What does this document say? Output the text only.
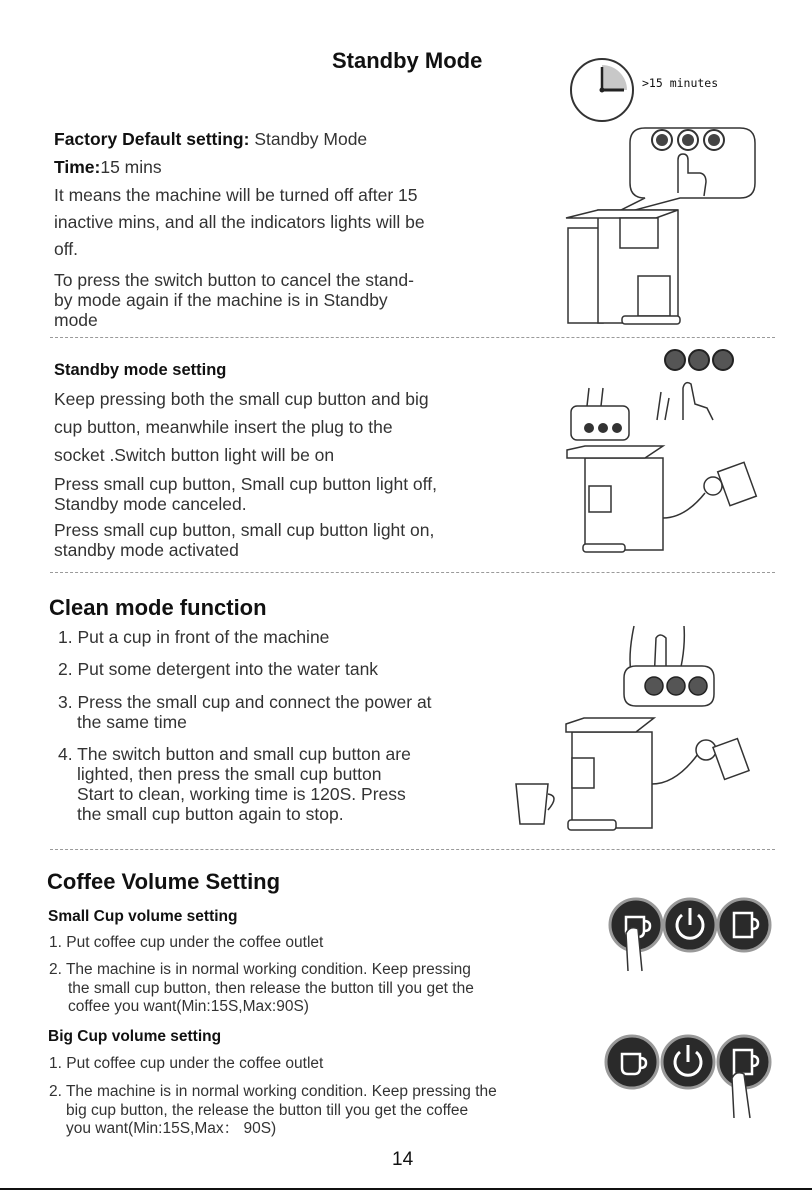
Standby Mode
>15 minutes
Factory Default setting: Standby Mode
Time:15 mins
It means the machine will be turned off after 15
inactive mins, and all the indicators lights will be
off.
To press the switch button to cancel the stand-
by mode again if the machine is in Standby
mode
Standby mode setting
Keep pressing both the small cup button and big
cup button, meanwhile insert the plug to the
socket .Switch button light will be on
Press small cup button, Small cup button light off,
Standby mode canceled.
Press small cup button, small cup button light on,
standby mode activated
Clean mode function
1. Put a cup in front of the machine
2. Put some detergent into the water tank
3. Press the small cup and connect the power at
the same time
4. The switch button and small cup button are
lighted, then press the small cup button
Start to clean, working time is 120S. Press
the small cup button again to stop.
Coffee Volume Setting
Small Cup volume setting
1. Put coffee cup under the coffee outlet
2. The machine is in normal working condition. Keep pressing
the small cup button, then release the button till you get the
coffee you want(Min:15S,Max:90S)
Big Cup volume setting
1. Put coffee cup under the coffee outlet
2. The machine is in normal working condition. Keep pressing the
big cup button, the release the button till you get the coffee
you want(Min:15S,Max： 90S)
14
